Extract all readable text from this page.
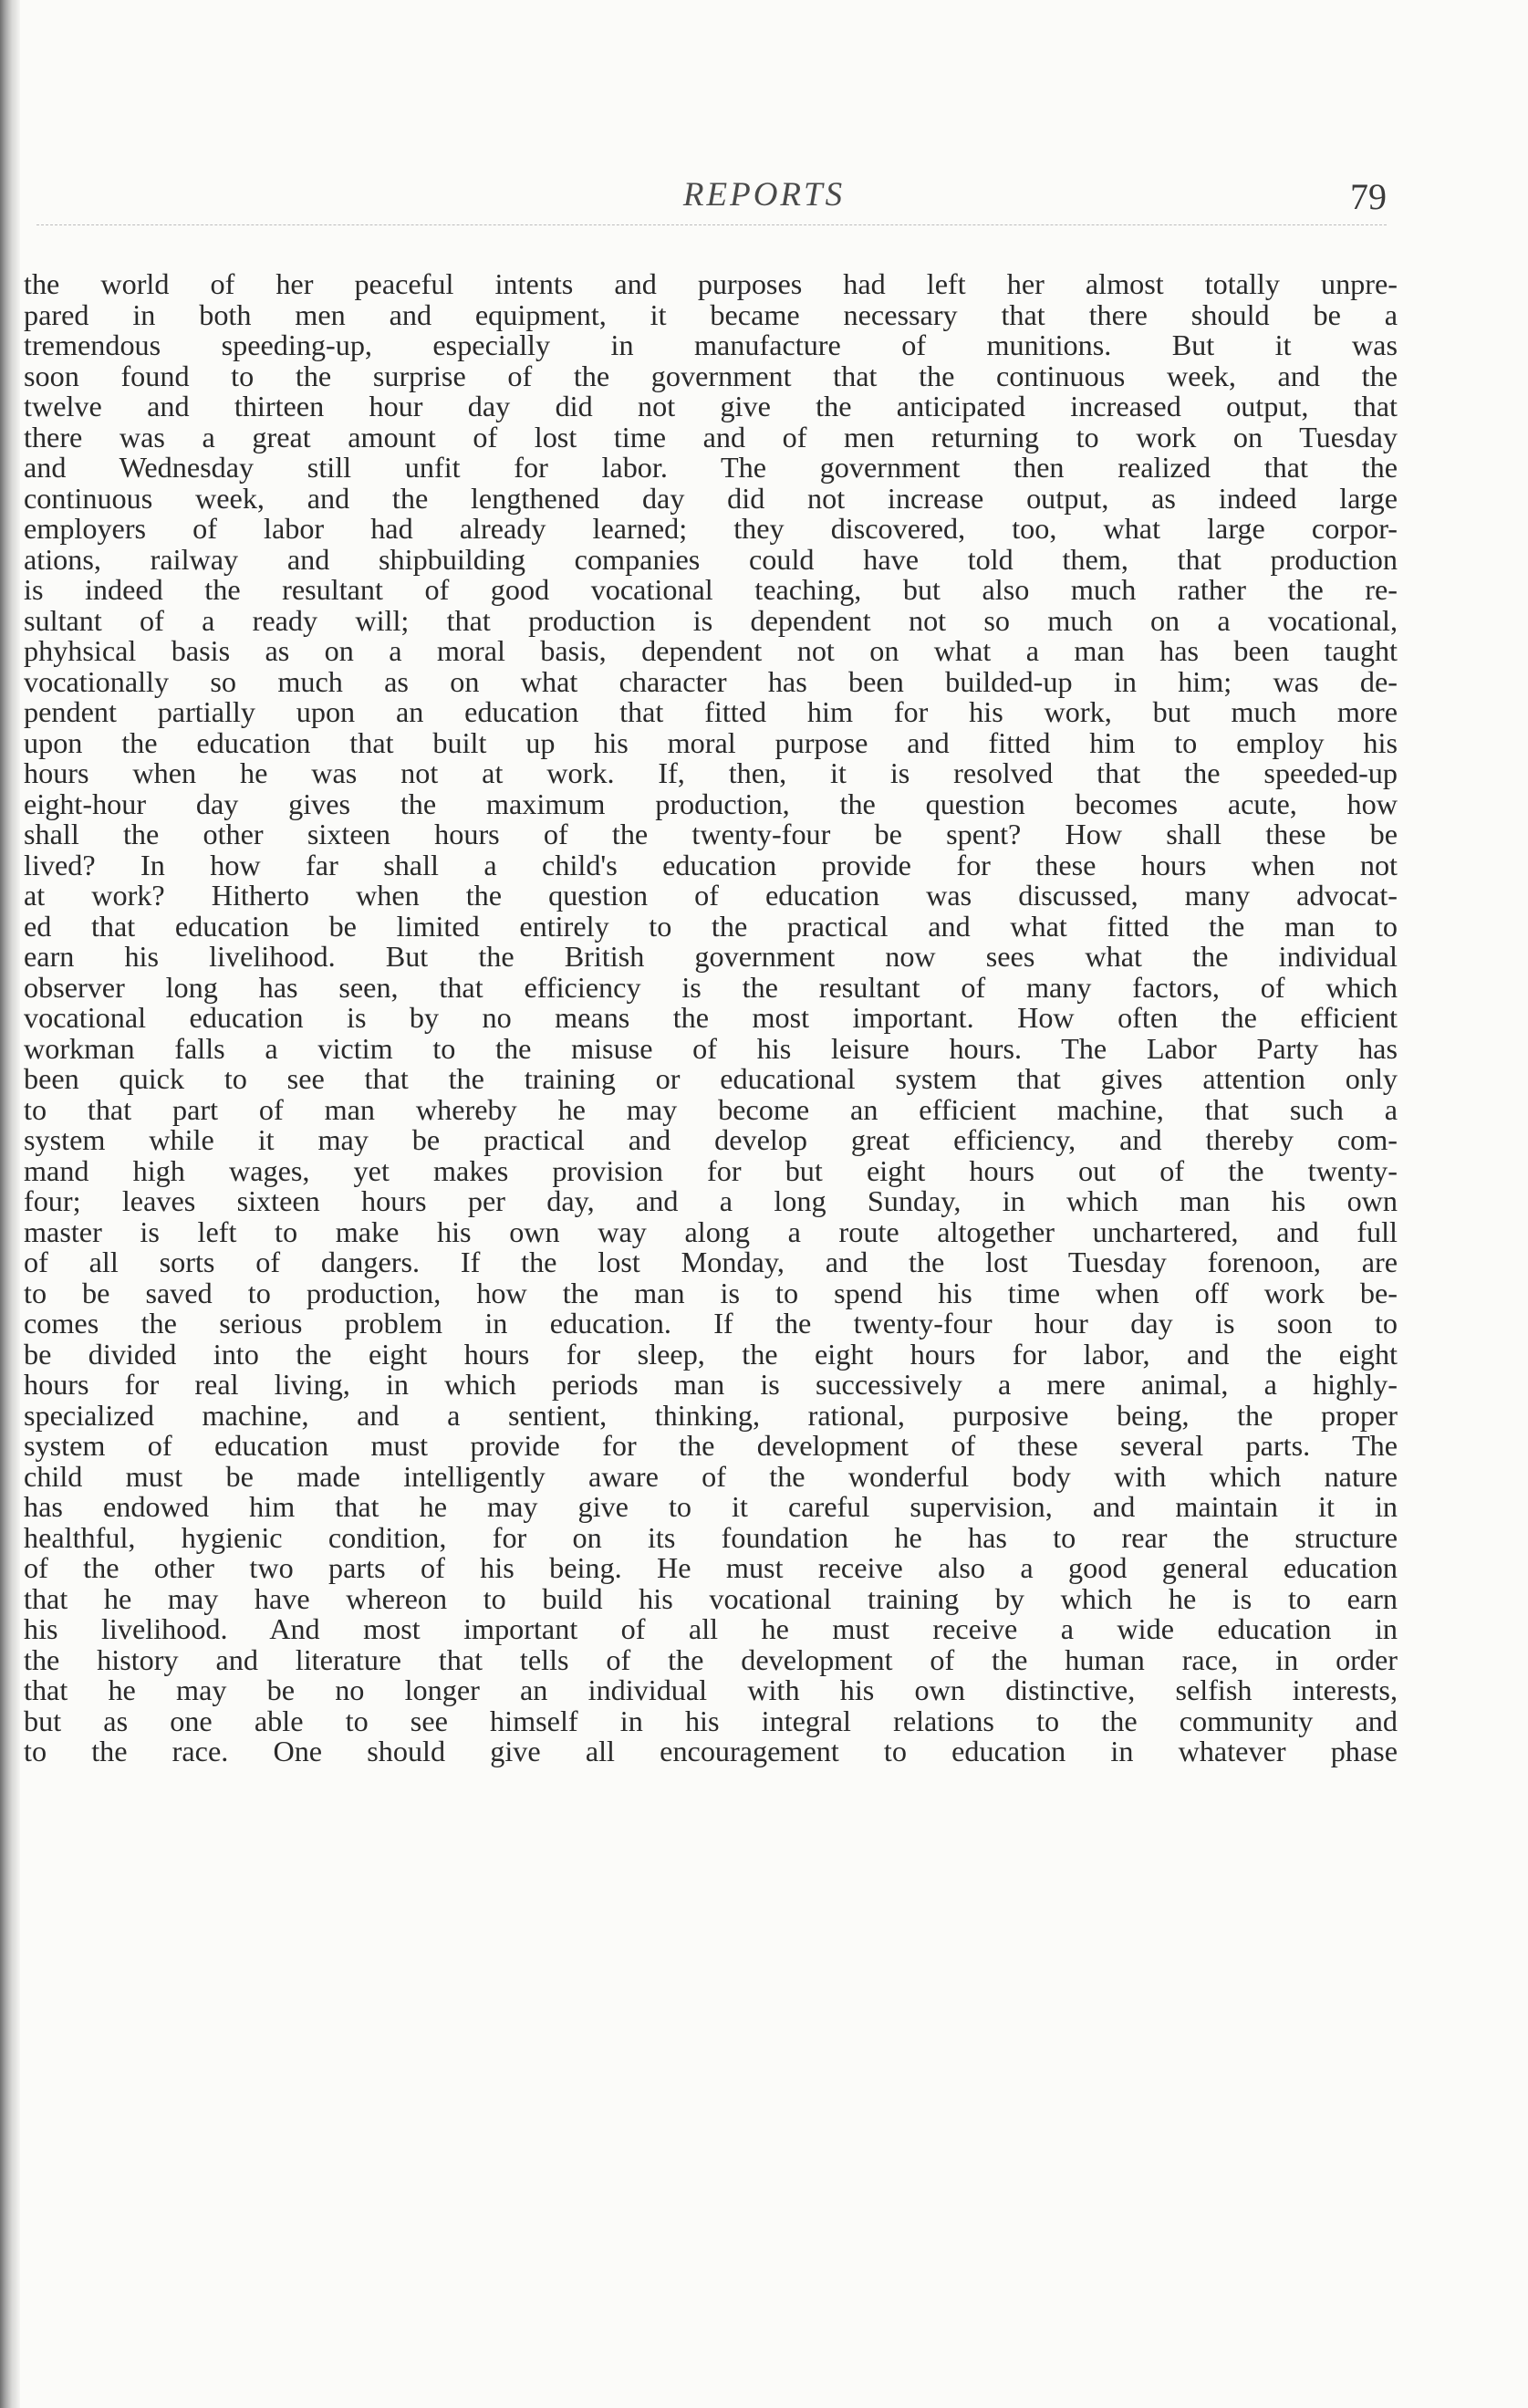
REPORTS	79
the world of her peaceful intents and purposes had left her almost totally unpre-
pared in both men and equipment, it became necessary that there should be a
tremendous speeding-up, especially in manufacture of munitions. But it was
soon found to the surprise of the government that the continuous week, and the
twelve and thirteen hour day did not give the anticipated increased output, that
there was a great amount of lost time and of men returning to work on Tuesday
and Wednesday still unfit for labor. The government then realized that the
continuous week, and the lengthened day did not increase output, as indeed large
employers of labor had already learned; they discovered, too, what large corpor-
ations, railway and shipbuilding companies could have told them, that production
is indeed the resultant of good vocational teaching, but also much rather the re-
sultant of a ready will; that production is dependent not so much on a vocational,
phyhsical basis as on a moral basis, dependent not on what a man has been taught
vocationally so much as on what character has been builded-up in him; was de-
pendent partially upon an education that fitted him for his work, but much more
upon the education that built up his moral purpose and fitted him to employ his
hours when he was not at work. If, then, it is resolved that the speeded-up
eight-hour day gives the maximum production, the question becomes acute, how
shall the other sixteen hours of the twenty-four be spent? How shall these be
lived? In how far shall a child's education provide for these hours when not
at work? Hitherto when the question of education was discussed, many advocat-
ed that education be limited entirely to the practical and what fitted the man to
earn his livelihood. But the British government now sees what the individual
observer long has seen, that efficiency is the resultant of many factors, of which
vocational education is by no means the most important. How often the efficient
workman falls a victim to the misuse of his leisure hours. The Labor Party has
been quick to see that the training or educational system that gives attention only
to that part of man whereby he may become an efficient machine, that such a
system while it may be practical and develop great efficiency, and thereby com-
mand high wages, yet makes provision for but eight hours out of the twenty-
four; leaves sixteen hours per day, and a long Sunday, in which man his own
master is left to make his own way along a route altogether unchartered, and full
of all sorts of dangers. If the lost Monday, and the lost Tuesday forenoon, are
to be saved to production, how the man is to spend his time when off work be-
comes the serious problem in education. If the twenty-four hour day is soon to
be divided into the eight hours for sleep, the eight hours for labor, and the eight
hours for real living, in which periods man is successively a mere animal, a highly-
specialized machine, and a sentient, thinking, rational, purposive being, the proper
system of education must provide for the development of these several parts. The
child must be made intelligently aware of the wonderful body with which nature
has endowed him that he may give to it careful supervision, and maintain it in
healthful, hygienic condition, for on its foundation he has to rear the structure
of the other two parts of his being. He must receive also a good general education
that he may have whereon to build his vocational training by which he is to earn
his livelihood. And most important of all he must receive a wide education in
the history and literature that tells of the development of the human race, in order
that he may be no longer an individual with his own distinctive, selfish interests,
but as one able to see himself in his integral relations to the community and
to the race. One should give all encouragement to education in whatever phase
